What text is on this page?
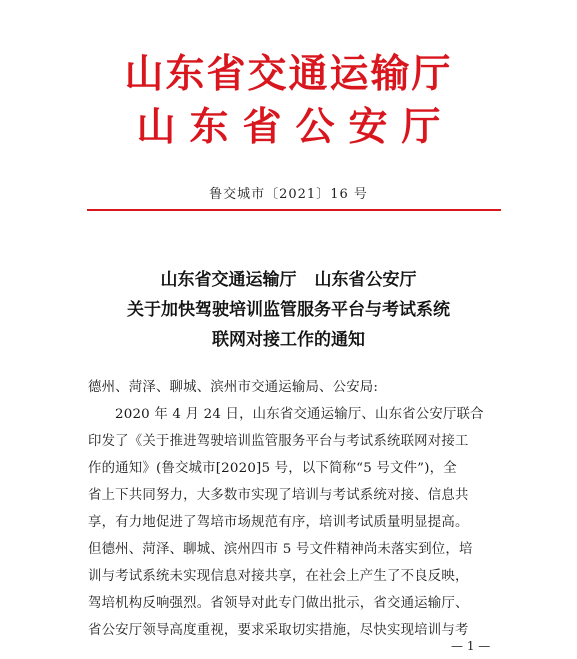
山东省交通运输厅
山东省公安厅
鲁交城市〔2021〕16 号
山东省交通运输厅 山东省公安厅
关于加快驾驶培训监管服务平台与考试系统
联网对接工作的通知
德州、菏泽、聊城、滨州市交通运输局、公安局:
2020 年 4 月 24 日，山东省交通运输厅、山东省公安厅联合
印发了《关于推进驾驶培训监管服务平台与考试系统联网对接工
作的通知》(鲁交城市[2020]5 号，以下简称“5 号文件”)，全
省上下共同努力，大多数市实现了培训与考试系统对接、信息共
享，有力地促进了驾培市场规范有序，培训考试质量明显提高。
但德州、菏泽、聊城、滨州四市 5 号文件精神尚未落实到位，培
训与考试系统未实现信息对接共享，在社会上产生了不良反映，
驾培机构反响强烈。省领导对此专门做出批示，省交通运输厅、
省公安厅领导高度重视，要求采取切实措施，尽快实现培训与考
— 1 —
